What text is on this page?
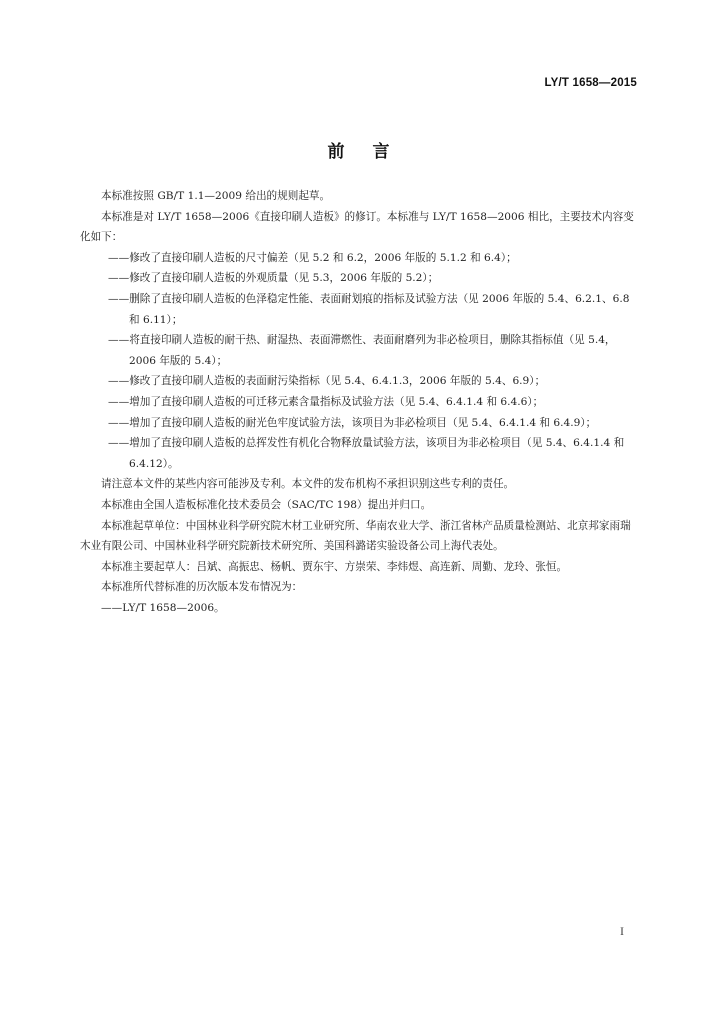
LY/T 1658—2015
前言

本标准按照 GB/T 1.1—2009 给出的规则起草。

本标准是对 LY/T 1658—2006《直接印刷人造板》的修订。本标准与 LY/T 1658—2006 相比，主要技术内容变化如下：

——修改了直接印刷人造板的尺寸偏差（见 5.2 和 6.2，2006 年版的 5.1.2 和 6.4）；

——修改了直接印刷人造板的外观质量（见 5.3，2006 年版的 5.2）；

——删除了直接印刷人造板的色泽稳定性能、表面耐划痕的指标及试验方法（见 2006 年版的 5.4、6.2.1、6.8 和 6.11）；

——将直接印刷人造板的耐干热、耐湿热、表面滞燃性、表面耐磨列为非必检项目，删除其指标值（见 5.4，2006 年版的 5.4）；

——修改了直接印刷人造板的表面耐污染指标（见 5.4、6.4.1.3，2006 年版的 5.4、6.9）；

——增加了直接印刷人造板的可迁移元素含量指标及试验方法（见 5.4、6.4.1.4 和 6.4.6）；

——增加了直接印刷人造板的耐光色牢度试验方法，该项目为非必检项目（见 5.4、6.4.1.4 和 6.4.9）；

——增加了直接印刷人造板的总挥发性有机化合物释放量试验方法，该项目为非必检项目（见 5.4、6.4.1.4 和 6.4.12）。

请注意本文件的某些内容可能涉及专利。本文件的发布机构不承担识别这些专利的责任。

本标准由全国人造板标准化技术委员会（SAC/TC 198）提出并归口。

本标准起草单位：中国林业科学研究院木材工业研究所、华南农业大学、浙江省林产品质量检测站、北京邦家雨瑞木业有限公司、中国林业科学研究院新技术研究所、美国科潞诺实验设备公司上海代表处。

本标准主要起草人：吕斌、高振忠、杨帆、贾东宇、方崇荣、李炜煜、高连新、周勤、龙玲、张恒。

本标准所代替标准的历次版本发布情况为：

——LY/T 1658—2006。

I
